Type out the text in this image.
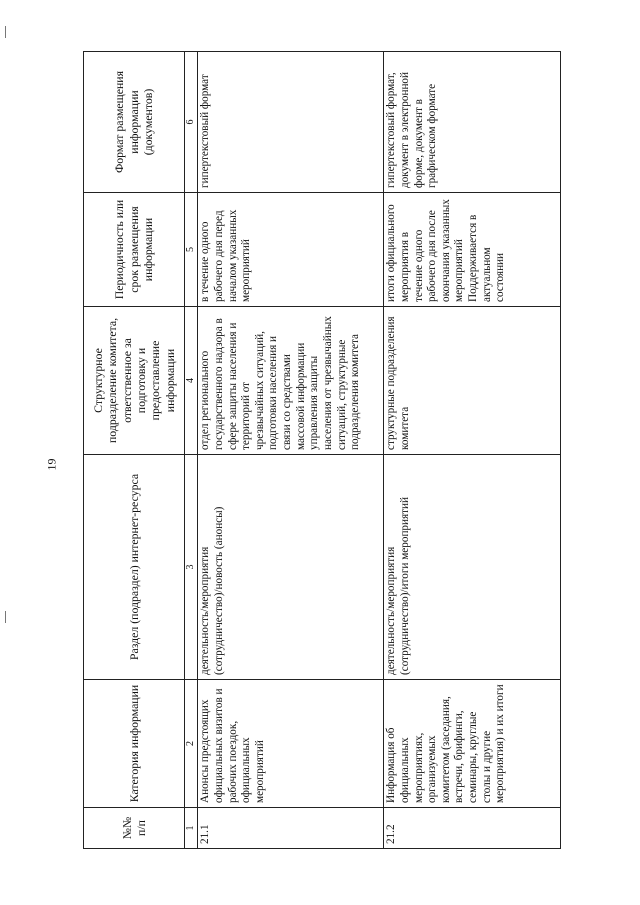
19
№№ п/п	Категория информации	Раздел (подраздел) интернет-ресурса	Структурное подразделение комитета, ответственное за подготовку и предоставление информации	Периодичность или срок размещения информации	Формат размещения информации (документов)
1	2	3	4	5	6
21.1	Анонсы предстоящих официальных визитов и рабочих поездок, официальных мероприятий	деятельность/мероприятия (сотрудничество)/новость (анонсы)	отдел регионального государственного надзора в сфере защиты населения и территорий от чрезвычайных ситуаций, подготовки населения и связи со средствами массовой информации управления защиты населения от чрезвычайных ситуаций, структурные подразделения комитета	в течение одного рабочего дня перед началом указанных мероприятий	гипертекстовый формат
21.2	Информация об официальных мероприятиях, организуемых комитетом (заседания, встречи, брифинги, семинары, круглые столы и другие мероприятия) и их итоги	деятельность/мероприятия (сотрудничество)/итоги мероприятий	структурные подразделения комитета	итоги официального мероприятия в течение одного рабочего дня после окончания указанных мероприятий Поддерживается в актуальном состоянии	гипертекстовый формат, документ в электронной форме, документ в графическом формате
